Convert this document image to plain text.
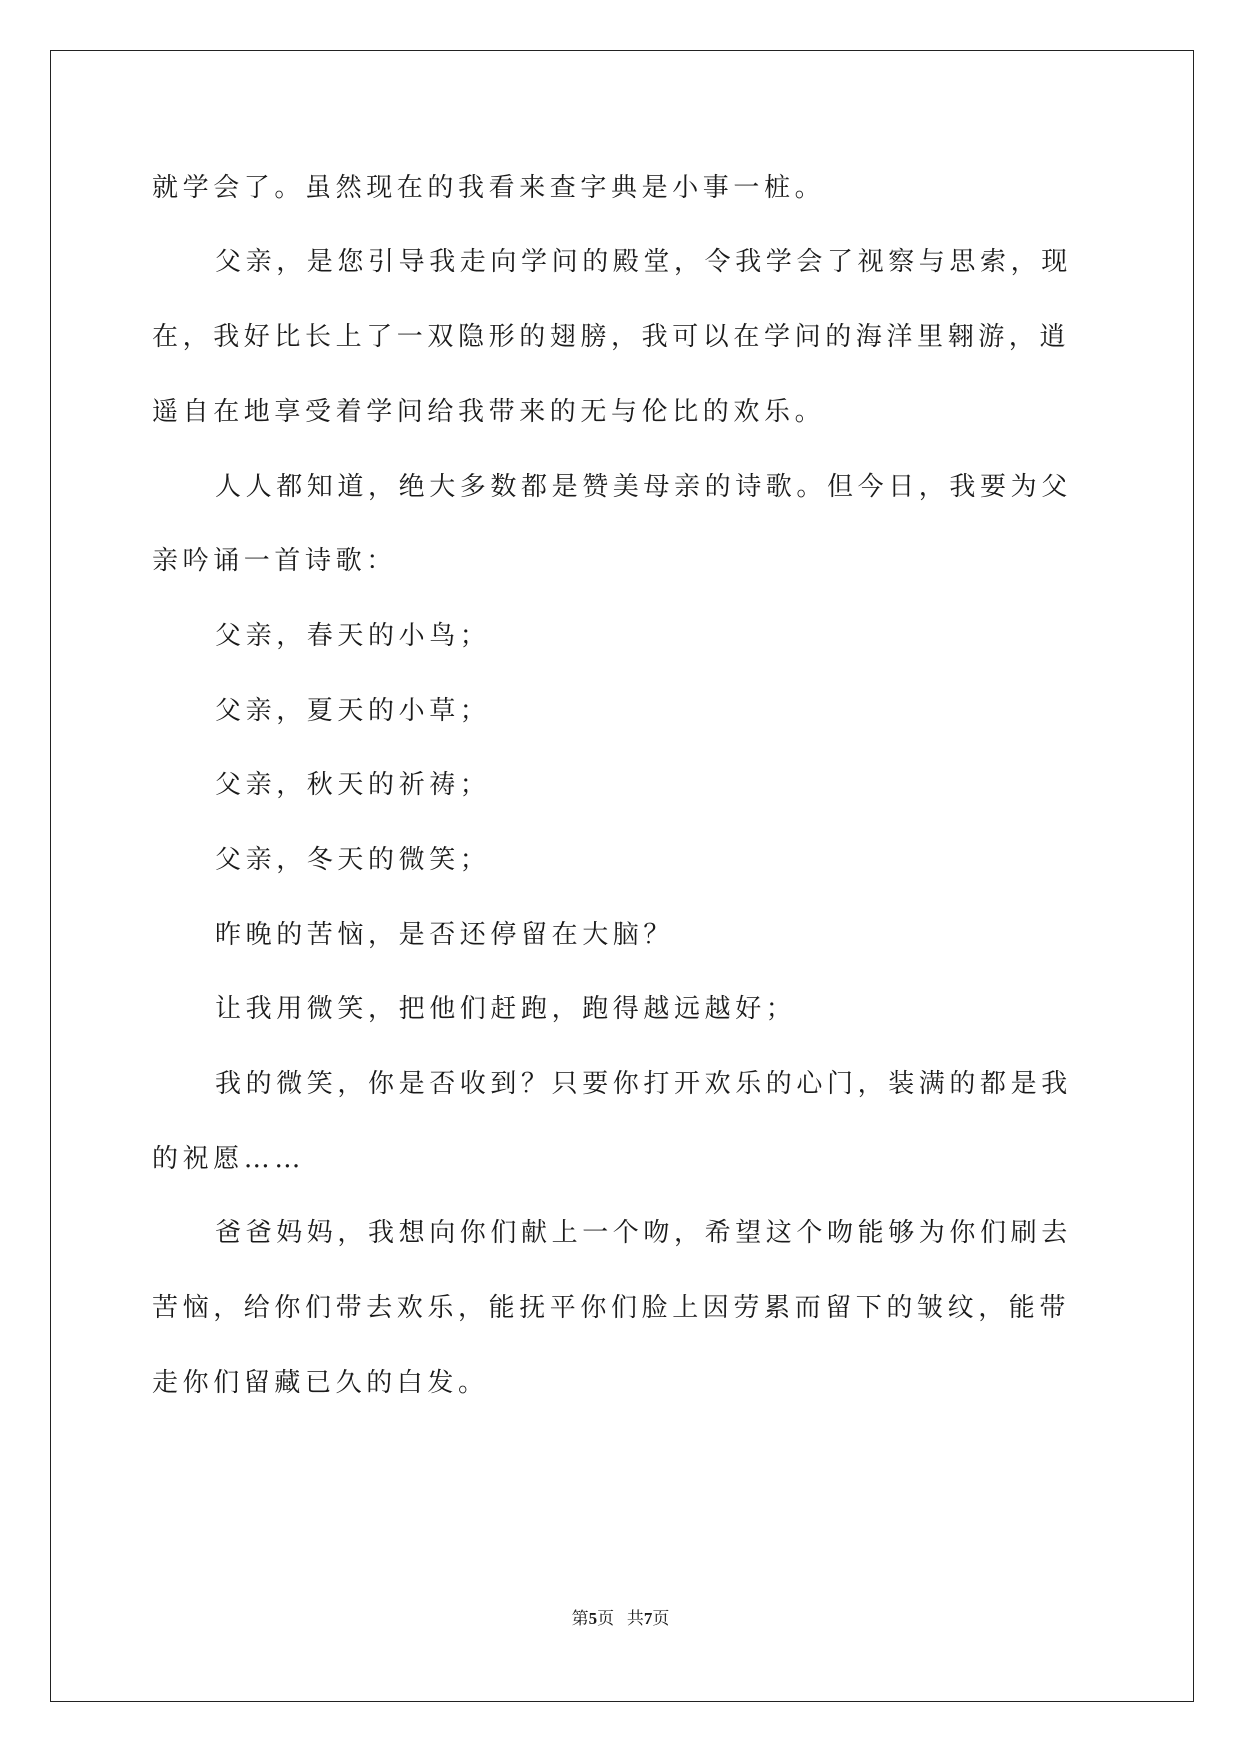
就学会了。虽然现在的我看来查字典是小事一桩。
父亲，是您引导我走向学问的殿堂，令我学会了视察与思索，现
在，我好比长上了一双隐形的翅膀，我可以在学问的海洋里翱游，逍
遥自在地享受着学问给我带来的无与伦比的欢乐。
人人都知道，绝大多数都是赞美母亲的诗歌。但今日，我要为父
亲吟诵一首诗歌：
父亲，春天的小鸟；
父亲，夏天的小草；
父亲，秋天的祈祷；
父亲，冬天的微笑；
昨晚的苦恼，是否还停留在大脑？
让我用微笑，把他们赶跑，跑得越远越好；
我的微笑，你是否收到？只要你打开欢乐的心门，装满的都是我
的祝愿……
爸爸妈妈，我想向你们献上一个吻，希望这个吻能够为你们刷去
苦恼，给你们带去欢乐，能抚平你们脸上因劳累而留下的皱纹，能带
走你们留藏已久的白发。
第5页   共7页
